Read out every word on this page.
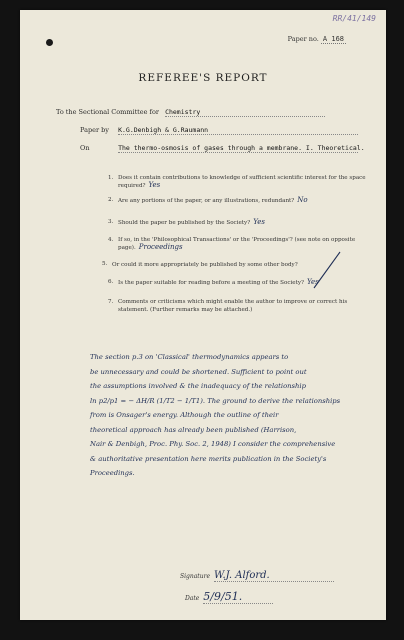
RR/41/149
Paper no. A 168
REFEREE'S REPORT
To the Sectional Committee for Chemistry
Paper by K.G.Denbigh & G.Raumann
On	The thermo-osmosis of gases through a membrane. I. Theoretical.
1. Does it contain contributions to knowledge of sufficient scientific interest for the space required? Yes
2. Are any portions of the paper, or any illustrations, redundant? No
3. Should the paper be published by the Society? Yes
4. If so, in the 'Philosophical Transactions' or the 'Proceedings'? (see note on opposite page). Proceedings
5. Or could it more appropriately be published by some other body?
6. Is the paper suitable for reading before a meeting of the Society? Yes
7. Comments or criticisms which might enable the author to improve or correct his statement. (Further remarks may be attached.)
The section p.3 on 'Classical' thermodynamics appears to
be unnecessary and could be shortened. Sufficient to point out
the assumptions involved & the inadequacy of the relationship
ln p2/p1 = − ΔH/R (1/T2 − 1/T1). The ground to derive the relationships
from is Onsager's energy. Although the outline of their
theoretical approach has already been published (Harrison,
Nair & Denbigh, Proc. Phy. Soc. 2, 1948) I consider the comprehensive
& authoritative presentation here merits publication in the Society's
Proceedings.
Signature W.J. Alford.
Date 5/9/51.
